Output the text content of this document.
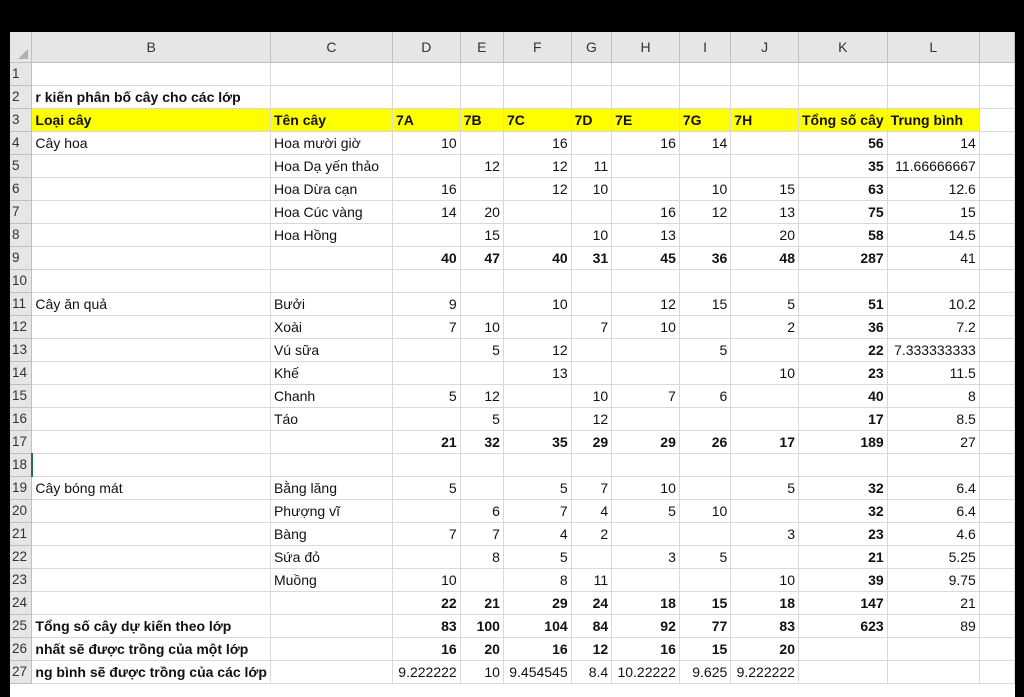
	B	C	D	E	F	G	H	I	J	K	L	
1												
2	r kiến phân bố cây cho các lớp											
3	Loại cây	Tên cây	7A	7B	7C	7D	7E	7G	7H	Tổng số cây	Trung bình	
4	Cây hoa	Hoa mười giờ	10		16		16	14		56	14	
5		Hoa Dạ yến thảo		12	12	11				35	11.66666667	
6		Hoa Dừa cạn	16		12	10		10	15	63	12.6	
7		Hoa Cúc vàng	14	20			16	12	13	75	15	
8		Hoa Hồng		15		10	13		20	58	14.5	
9			40	47	40	31	45	36	48	287	41	
10												
11	Cây ăn quả	Bưởi	9		10		12	15	5	51	10.2	
12		Xoài	7	10		7	10		2	36	7.2	
13		Vú sữa		5	12			5		22	7.333333333	
14		Khế			13				10	23	11.5	
15		Chanh	5	12		10	7	6		40	8	
16		Táo		5		12				17	8.5	
17			21	32	35	29	29	26	17	189	27	
18												
19	Cây bóng mát	Bằng lăng	5		5	7	10		5	32	6.4	
20		Phượng vĩ		6	7	4	5	10		32	6.4	
21		Bàng	7	7	4	2			3	23	4.6	
22		Sứa đỏ		8	5		3	5		21	5.25	
23		Muồng	10		8	11			10	39	9.75	
24			22	21	29	24	18	15	18	147	21	
25	Tổng số cây dự kiến theo lớp		83	100	104	84	92	77	83	623	89	
26	nhất sẽ được trồng của một lớp		16	20	16	12	16	15	20			
27	ng bình sẽ được trồng của các lớp		9.222222	10	9.454545	8.4	10.22222	9.625	9.222222			
